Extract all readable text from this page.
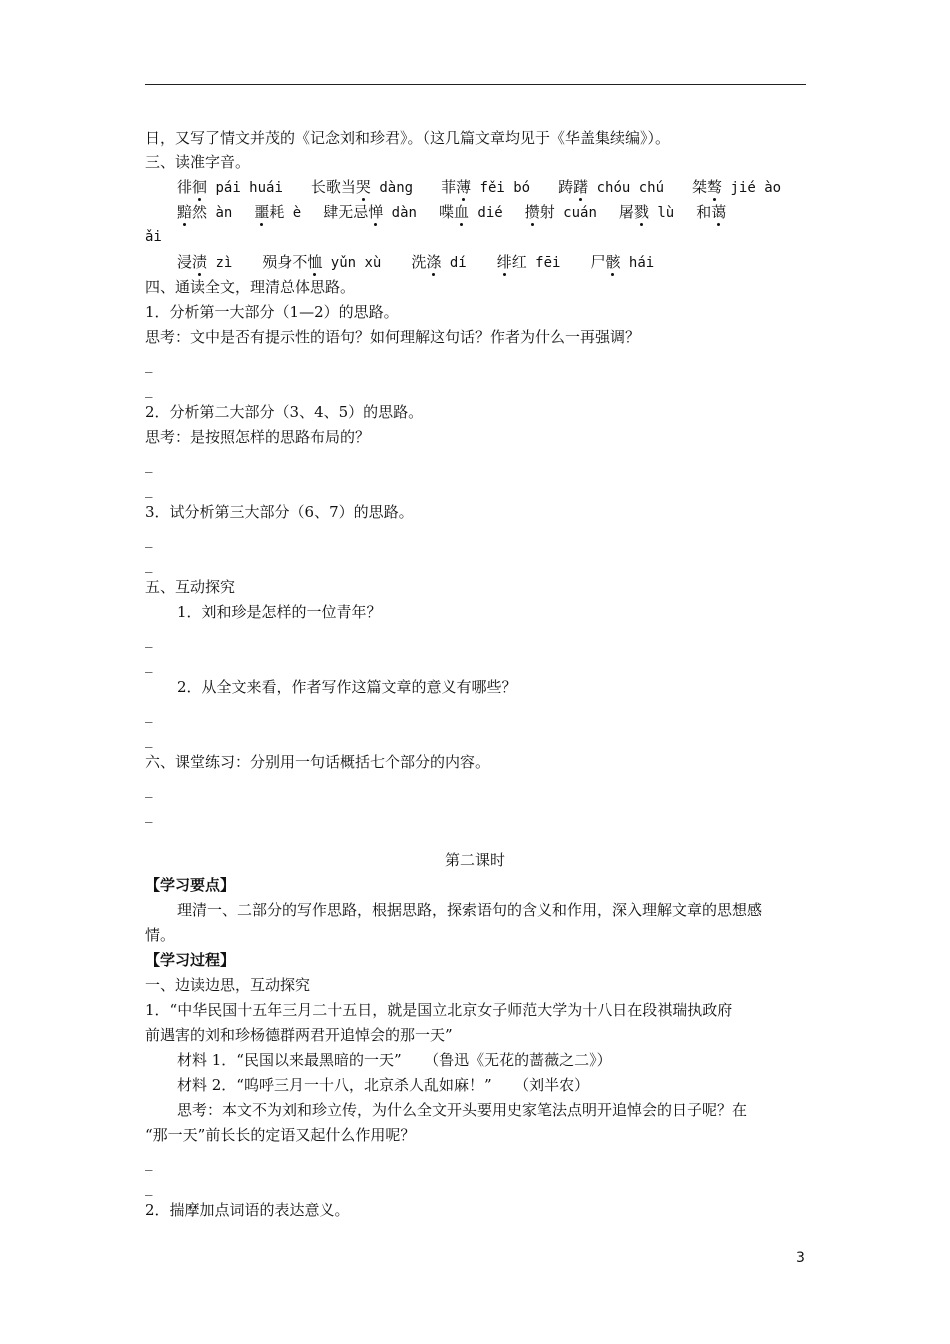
日，又写了情文并茂的《记念刘和珍君》。（这几篇文章均见于《华盖集续编》）。
三、读准字音。
徘徊 pái huái 长歌当哭 dàng 菲薄 fěi bó 踌躇 chóu chú 桀骜 jié ào
黯然 àn 噩耗 è 肆无忌惮 dàn 喋血 dié 攒射 cuán 屠戮 lù 和蔼
ǎi
浸渍 zì 殒身不恤 yǔn xù 洗涤 dí 绯红 fēi 尸骸 hái
四、通读全文，理清总体思路。
1．分析第一大部分（1—2）的思路。
思考：文中是否有提示性的语句？如何理解这句话？作者为什么一再强调？
_
_
2．分析第二大部分（3、4、5）的思路。
思考：是按照怎样的思路布局的？
_
_
3．试分析第三大部分（6、7）的思路。
_
_
五、互动探究
1．刘和珍是怎样的一位青年？
_
_
2．从全文来看，作者写作这篇文章的意义有哪些？
_
_
六、课堂练习：分别用一句话概括七个部分的内容。
_
_
第二课时
【学习要点】
理清一、二部分的写作思路，根据思路，探索语句的含义和作用，深入理解文章的思想感
情。
【学习过程】
一、边读边思，互动探究
1．“中华民国十五年三月二十五日，就是国立北京女子师范大学为十八日在段祺瑞执政府
前遇害的刘和珍杨德群两君开追悼会的那一天”
材料 1．“民国以来最黑暗的一天”　　（鲁迅《无花的蔷薇之二》）
材料 2．“呜呼三月一十八，北京杀人乱如麻！”　　（刘半农）
思考：本文不为刘和珍立传，为什么全文开头要用史家笔法点明开追悼会的日子呢？在
“那一天”前长长的定语又起什么作用呢？
_
_
2．揣摩加点词语的表达意义。
3
